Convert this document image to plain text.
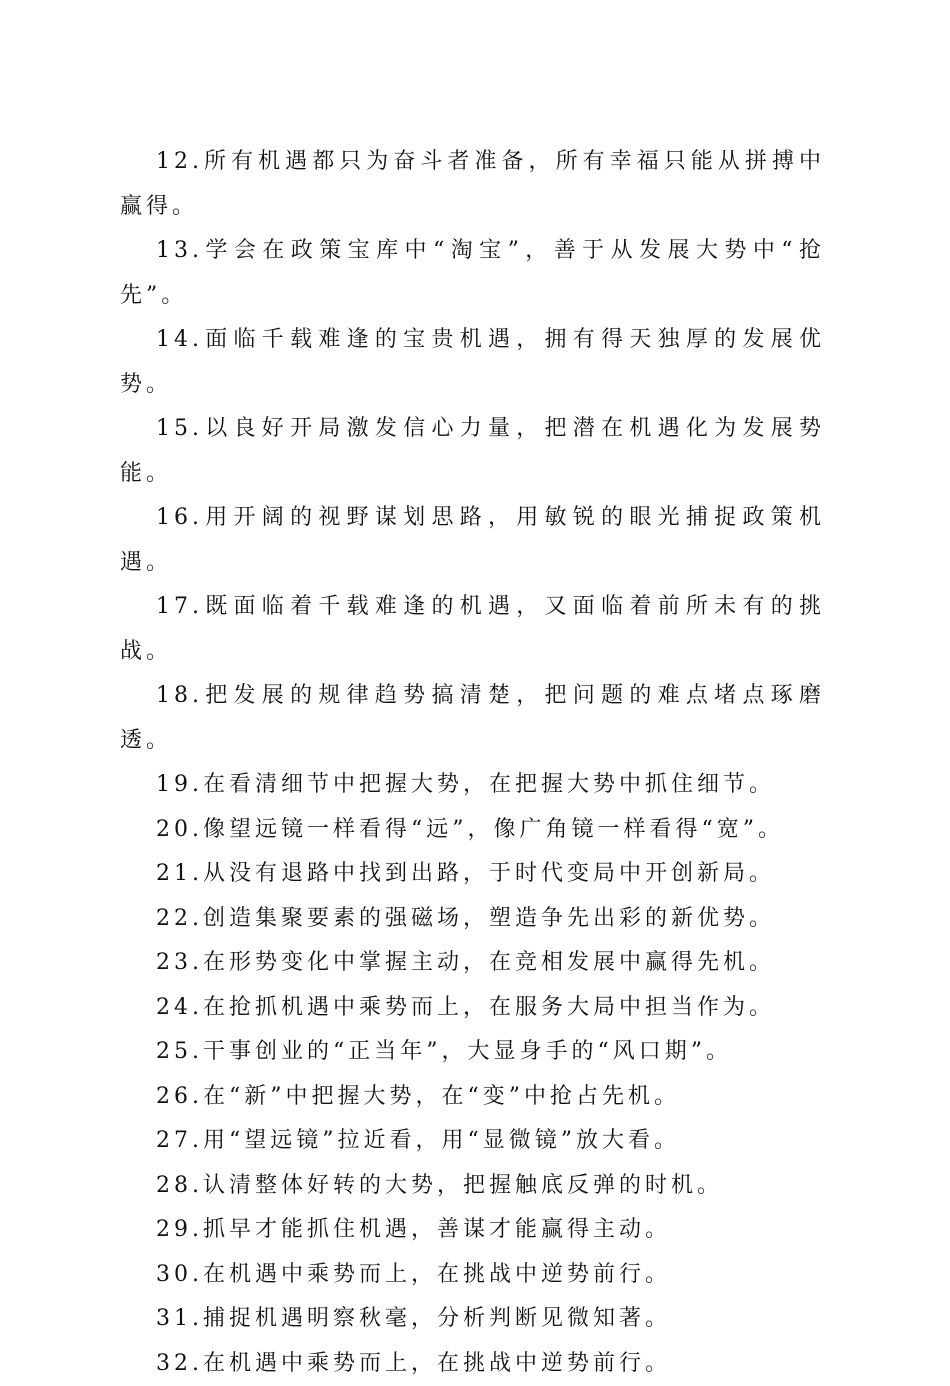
12.所有机遇都只为奋斗者准备，所有幸福只能从拼搏中赢得。

13.学会在政策宝库中“淘宝”，善于从发展大势中“抢先”。

14.面临千载难逢的宝贵机遇，拥有得天独厚的发展优势。

15.以良好开局激发信心力量，把潜在机遇化为发展势能。

16.用开阔的视野谋划思路，用敏锐的眼光捕捉政策机遇。

17.既面临着千载难逢的机遇，又面临着前所未有的挑战。

18.把发展的规律趋势搞清楚，把问题的难点堵点琢磨透。

19.在看清细节中把握大势，在把握大势中抓住细节。

20.像望远镜一样看得“远”，像广角镜一样看得“宽”。

21.从没有退路中找到出路，于时代变局中开创新局。

22.创造集聚要素的强磁场，塑造争先出彩的新优势。

23.在形势变化中掌握主动，在竞相发展中赢得先机。

24.在抢抓机遇中乘势而上，在服务大局中担当作为。

25.干事创业的“正当年”，大显身手的“风口期”。

26.在“新”中把握大势，在“变”中抢占先机。

27.用“望远镜”拉近看，用“显微镜”放大看。

28.认清整体好转的大势，把握触底反弹的时机。

29.抓早才能抓住机遇，善谋才能赢得主动。

30.在机遇中乘势而上，在挑战中逆势前行。

31.捕捉机遇明察秋毫，分析判断见微知著。

32.在机遇中乘势而上，在挑战中逆势前行。
